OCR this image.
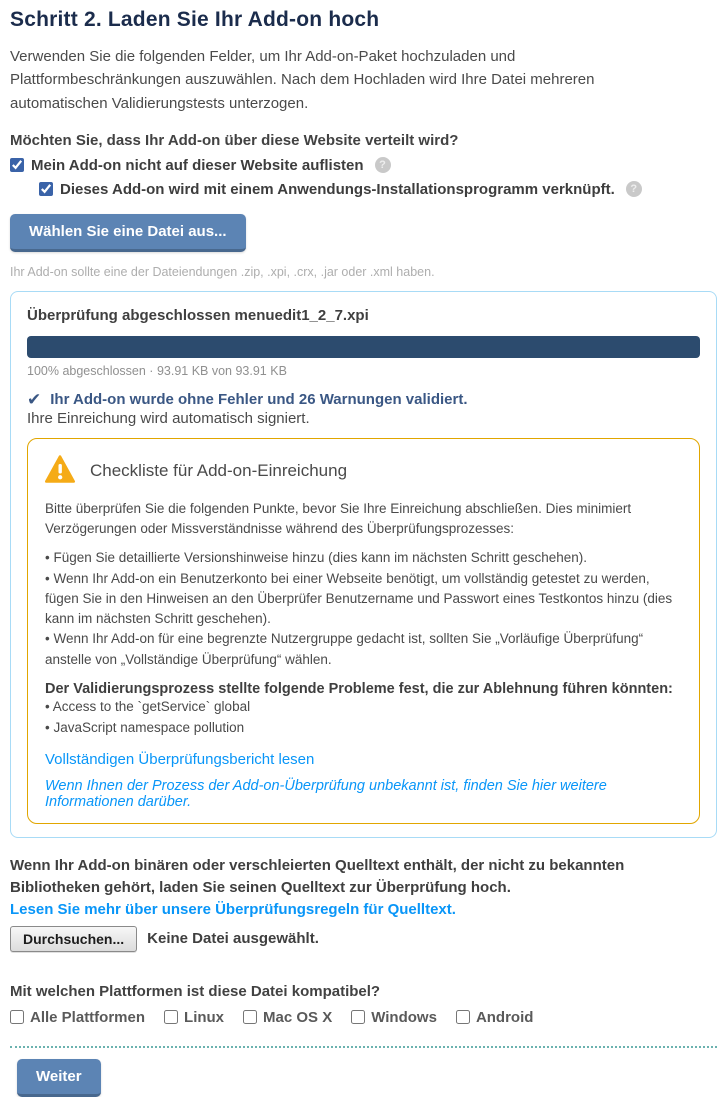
Schritt 2. Laden Sie Ihr Add-on hoch

Verwenden Sie die folgenden Felder, um Ihr Add-on-Paket hochzuladen und Plattformbeschränkungen auszuwählen. Nach dem Hochladen wird Ihre Datei mehreren automatischen Validierungstests unterzogen.

Möchten Sie, dass Ihr Add-on über diese Website verteilt wird?
Mein Add-on nicht auf dieser Website auflisten	?
Dieses Add-on wird mit einem Anwendungs-Installationsprogramm verknüpft.	?
Wählen Sie eine Datei aus...
Ihr Add-on sollte eine der Dateiendungen .zip, .xpi, .crx, .jar oder .xml haben.
Überprüfung abgeschlossen menuedit1_2_7.xpi
100% abgeschlossen · 93.91 KB von 93.91 KB
✔ Ihr Add-on wurde ohne Fehler und 26 Warnungen validiert.
Ihre Einreichung wird automatisch signiert.
Checkliste für Add-on-Einreichung

Bitte überprüfen Sie die folgenden Punkte, bevor Sie Ihre Einreichung abschließen. Dies minimiert Verzögerungen oder Missverständnisse während des Überprüfungsprozesses:

• Fügen Sie detaillierte Versionshinweise hinzu (dies kann im nächsten Schritt geschehen).
• Wenn Ihr Add-on ein Benutzerkonto bei einer Webseite benötigt, um vollständig getestet zu werden, fügen Sie in den Hinweisen an den Überprüfer Benutzername und Passwort eines Testkontos hinzu (dies kann im nächsten Schritt geschehen).
• Wenn Ihr Add-on für eine begrenzte Nutzergruppe gedacht ist, sollten Sie „Vorläufige Überprüfung“ anstelle von „Vollständige Überprüfung“ wählen.
Der Validierungsprozess stellte folgende Probleme fest, die zur Ablehnung führen könnten:
• Access to the `getService` global
• JavaScript namespace pollution
Vollständigen Überprüfungsbericht lesen
Wenn Ihnen der Prozess der Add-on-Überprüfung unbekannt ist, finden Sie hier weitere Informationen darüber.
Wenn Ihr Add-on binären oder verschleierten Quelltext enthält, der nicht zu bekannten Bibliotheken gehört, laden Sie seinen Quelltext zur Überprüfung hoch.
Lesen Sie mehr über unsere Überprüfungsregeln für Quelltext.
Durchsuchen...	Keine Datei ausgewählt.
Mit welchen Plattformen ist diese Datei kompatibel?
Alle Plattformen	Linux	Mac OS X	Windows	Android
Weiter
